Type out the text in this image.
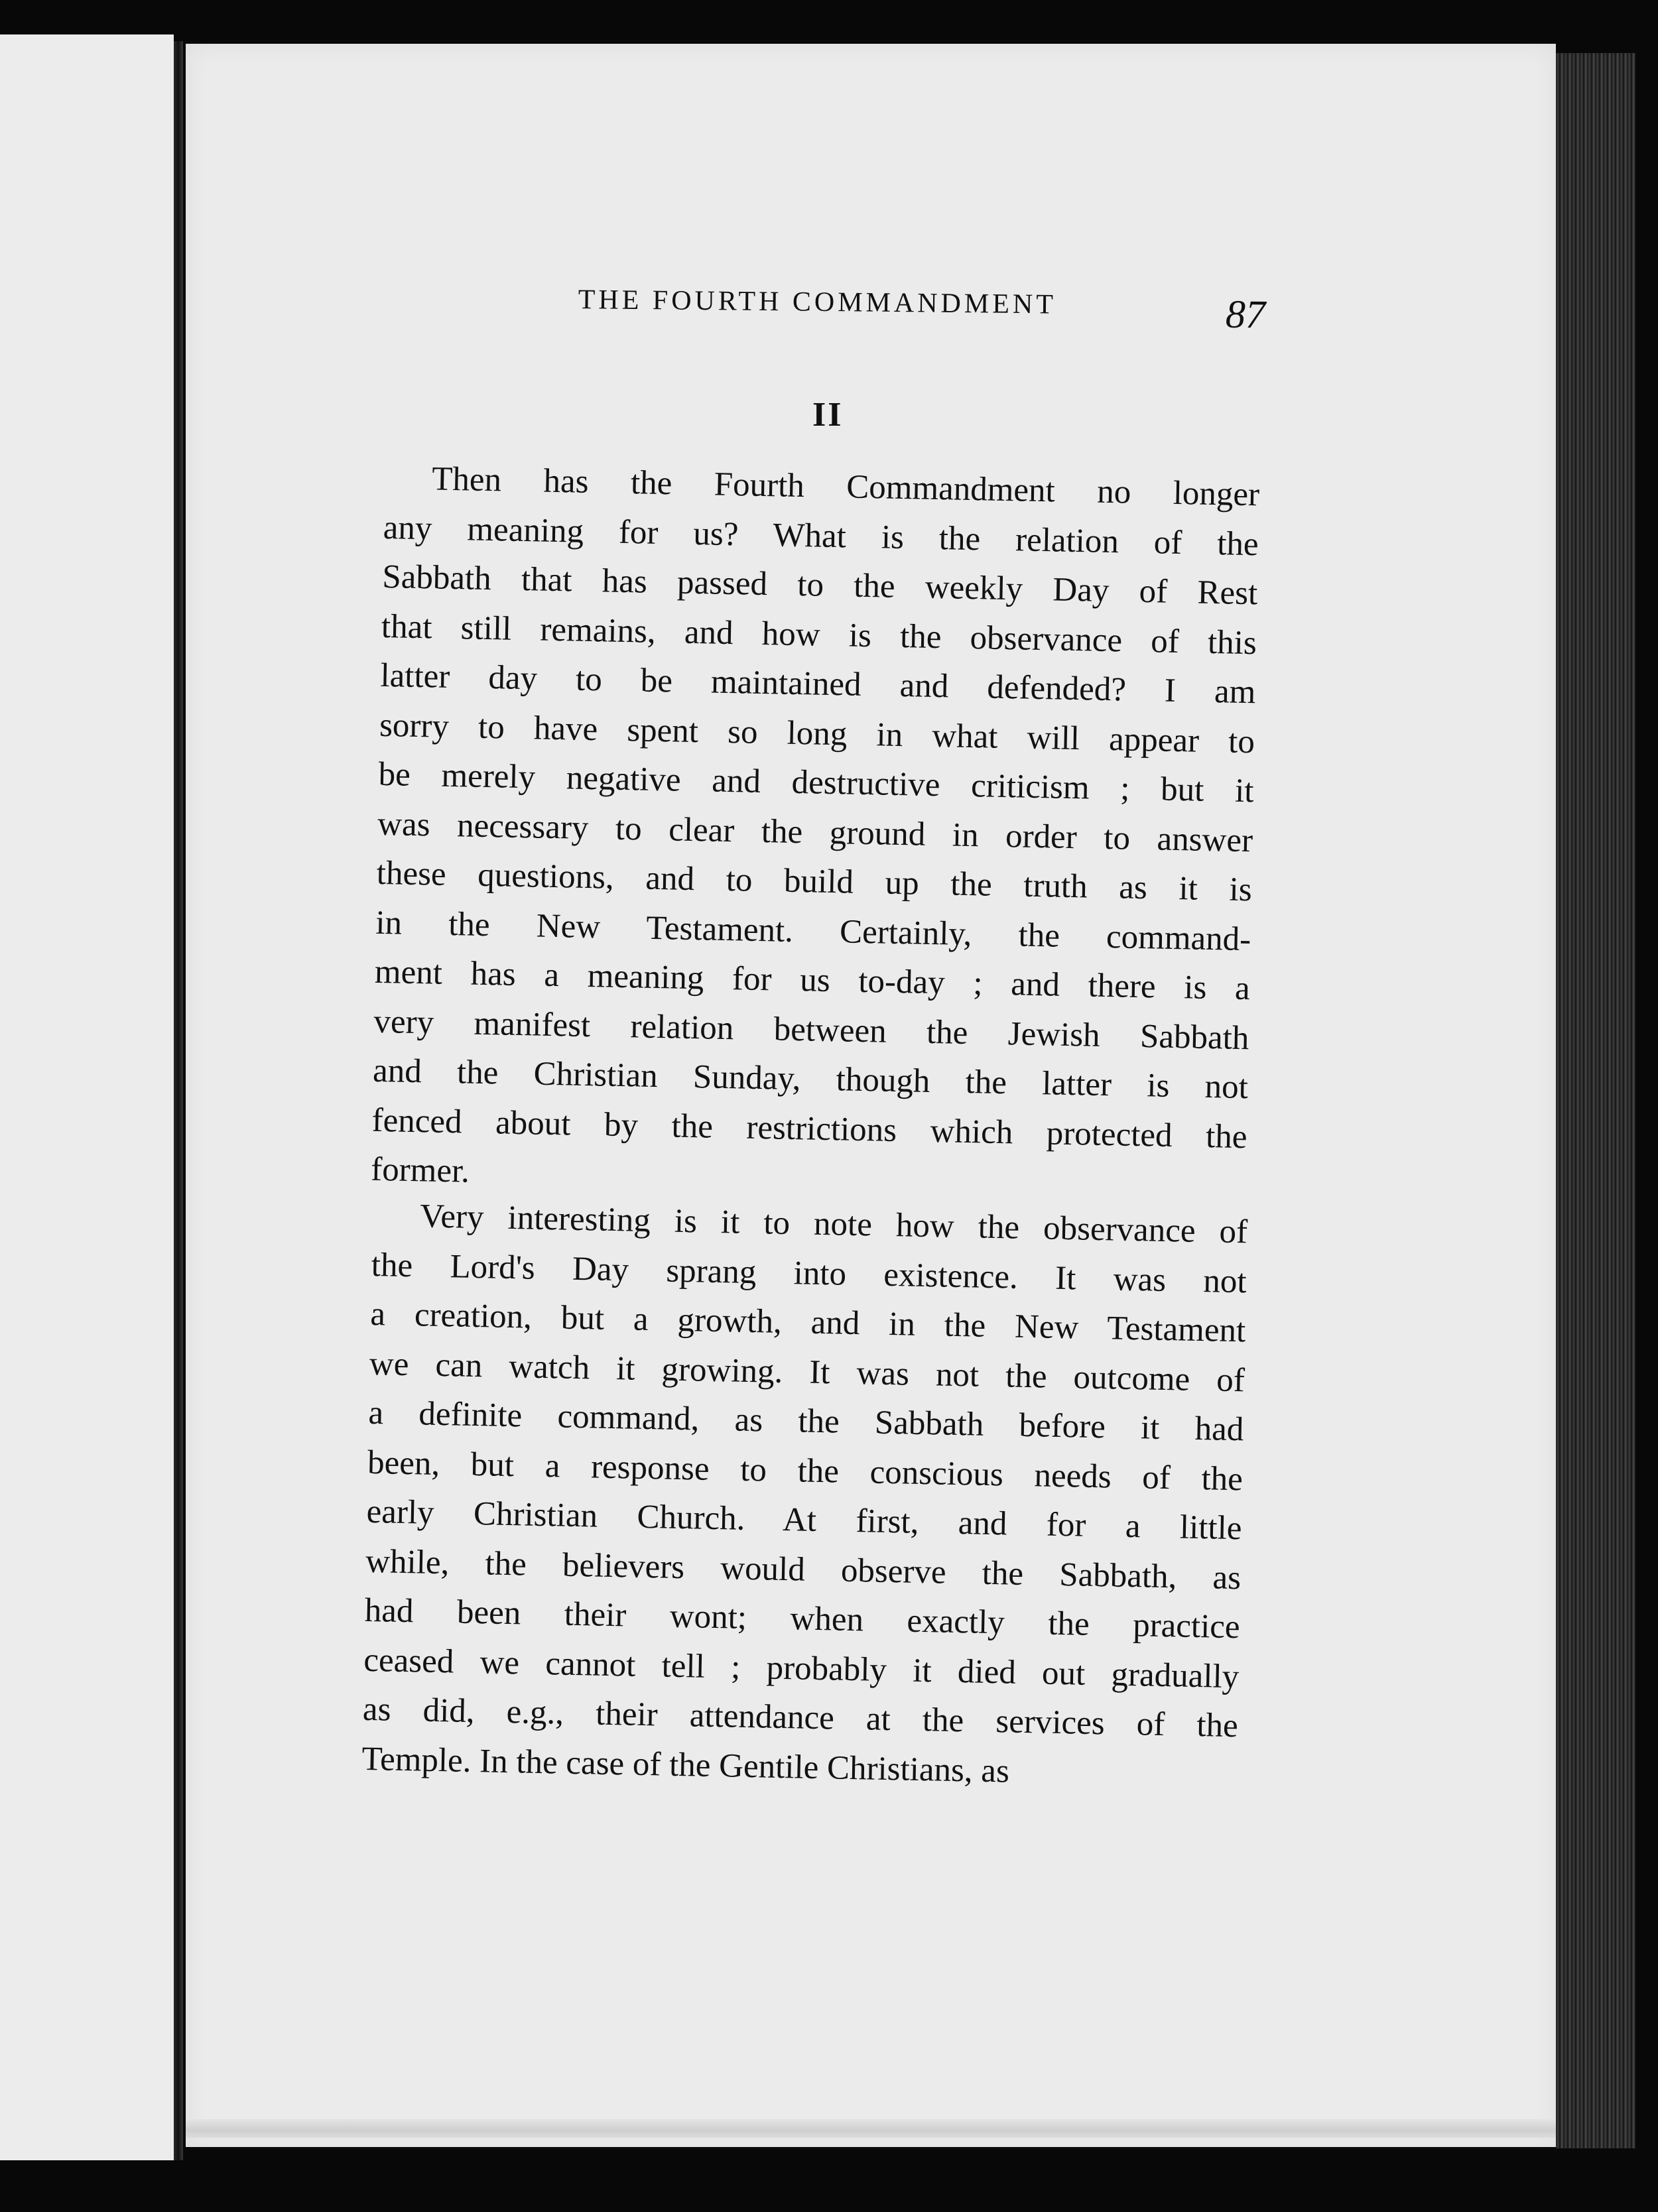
THE FOURTH COMMANDMENT	87
II
Then has the Fourth Commandment no longer
any meaning for us? What is the relation of the
Sabbath that has passed to the weekly Day of Rest
that still remains, and how is the observance of this
latter day to be maintained and defended? I am
sorry to have spent so long in what will appear to
be merely negative and destructive criticism ; but it
was necessary to clear the ground in order to answer
these questions, and to build up the truth as it is
in the New Testament. Certainly, the command-
ment has a meaning for us to-day ; and there is a
very manifest relation between the Jewish Sabbath
and the Christian Sunday, though the latter is not
fenced about by the restrictions which protected the
former.
Very interesting is it to note how the observance of
the Lord's Day sprang into existence. It was not
a creation, but a growth, and in the New Testament
we can watch it growing. It was not the outcome of
a definite command, as the Sabbath before it had
been, but a response to the conscious needs of the
early Christian Church. At first, and for a little
while, the believers would observe the Sabbath, as
had been their wont; when exactly the practice
ceased we cannot tell ; probably it died out gradually
as did, e.g., their attendance at the services of the
Temple. In the case of the Gentile Christians, as
